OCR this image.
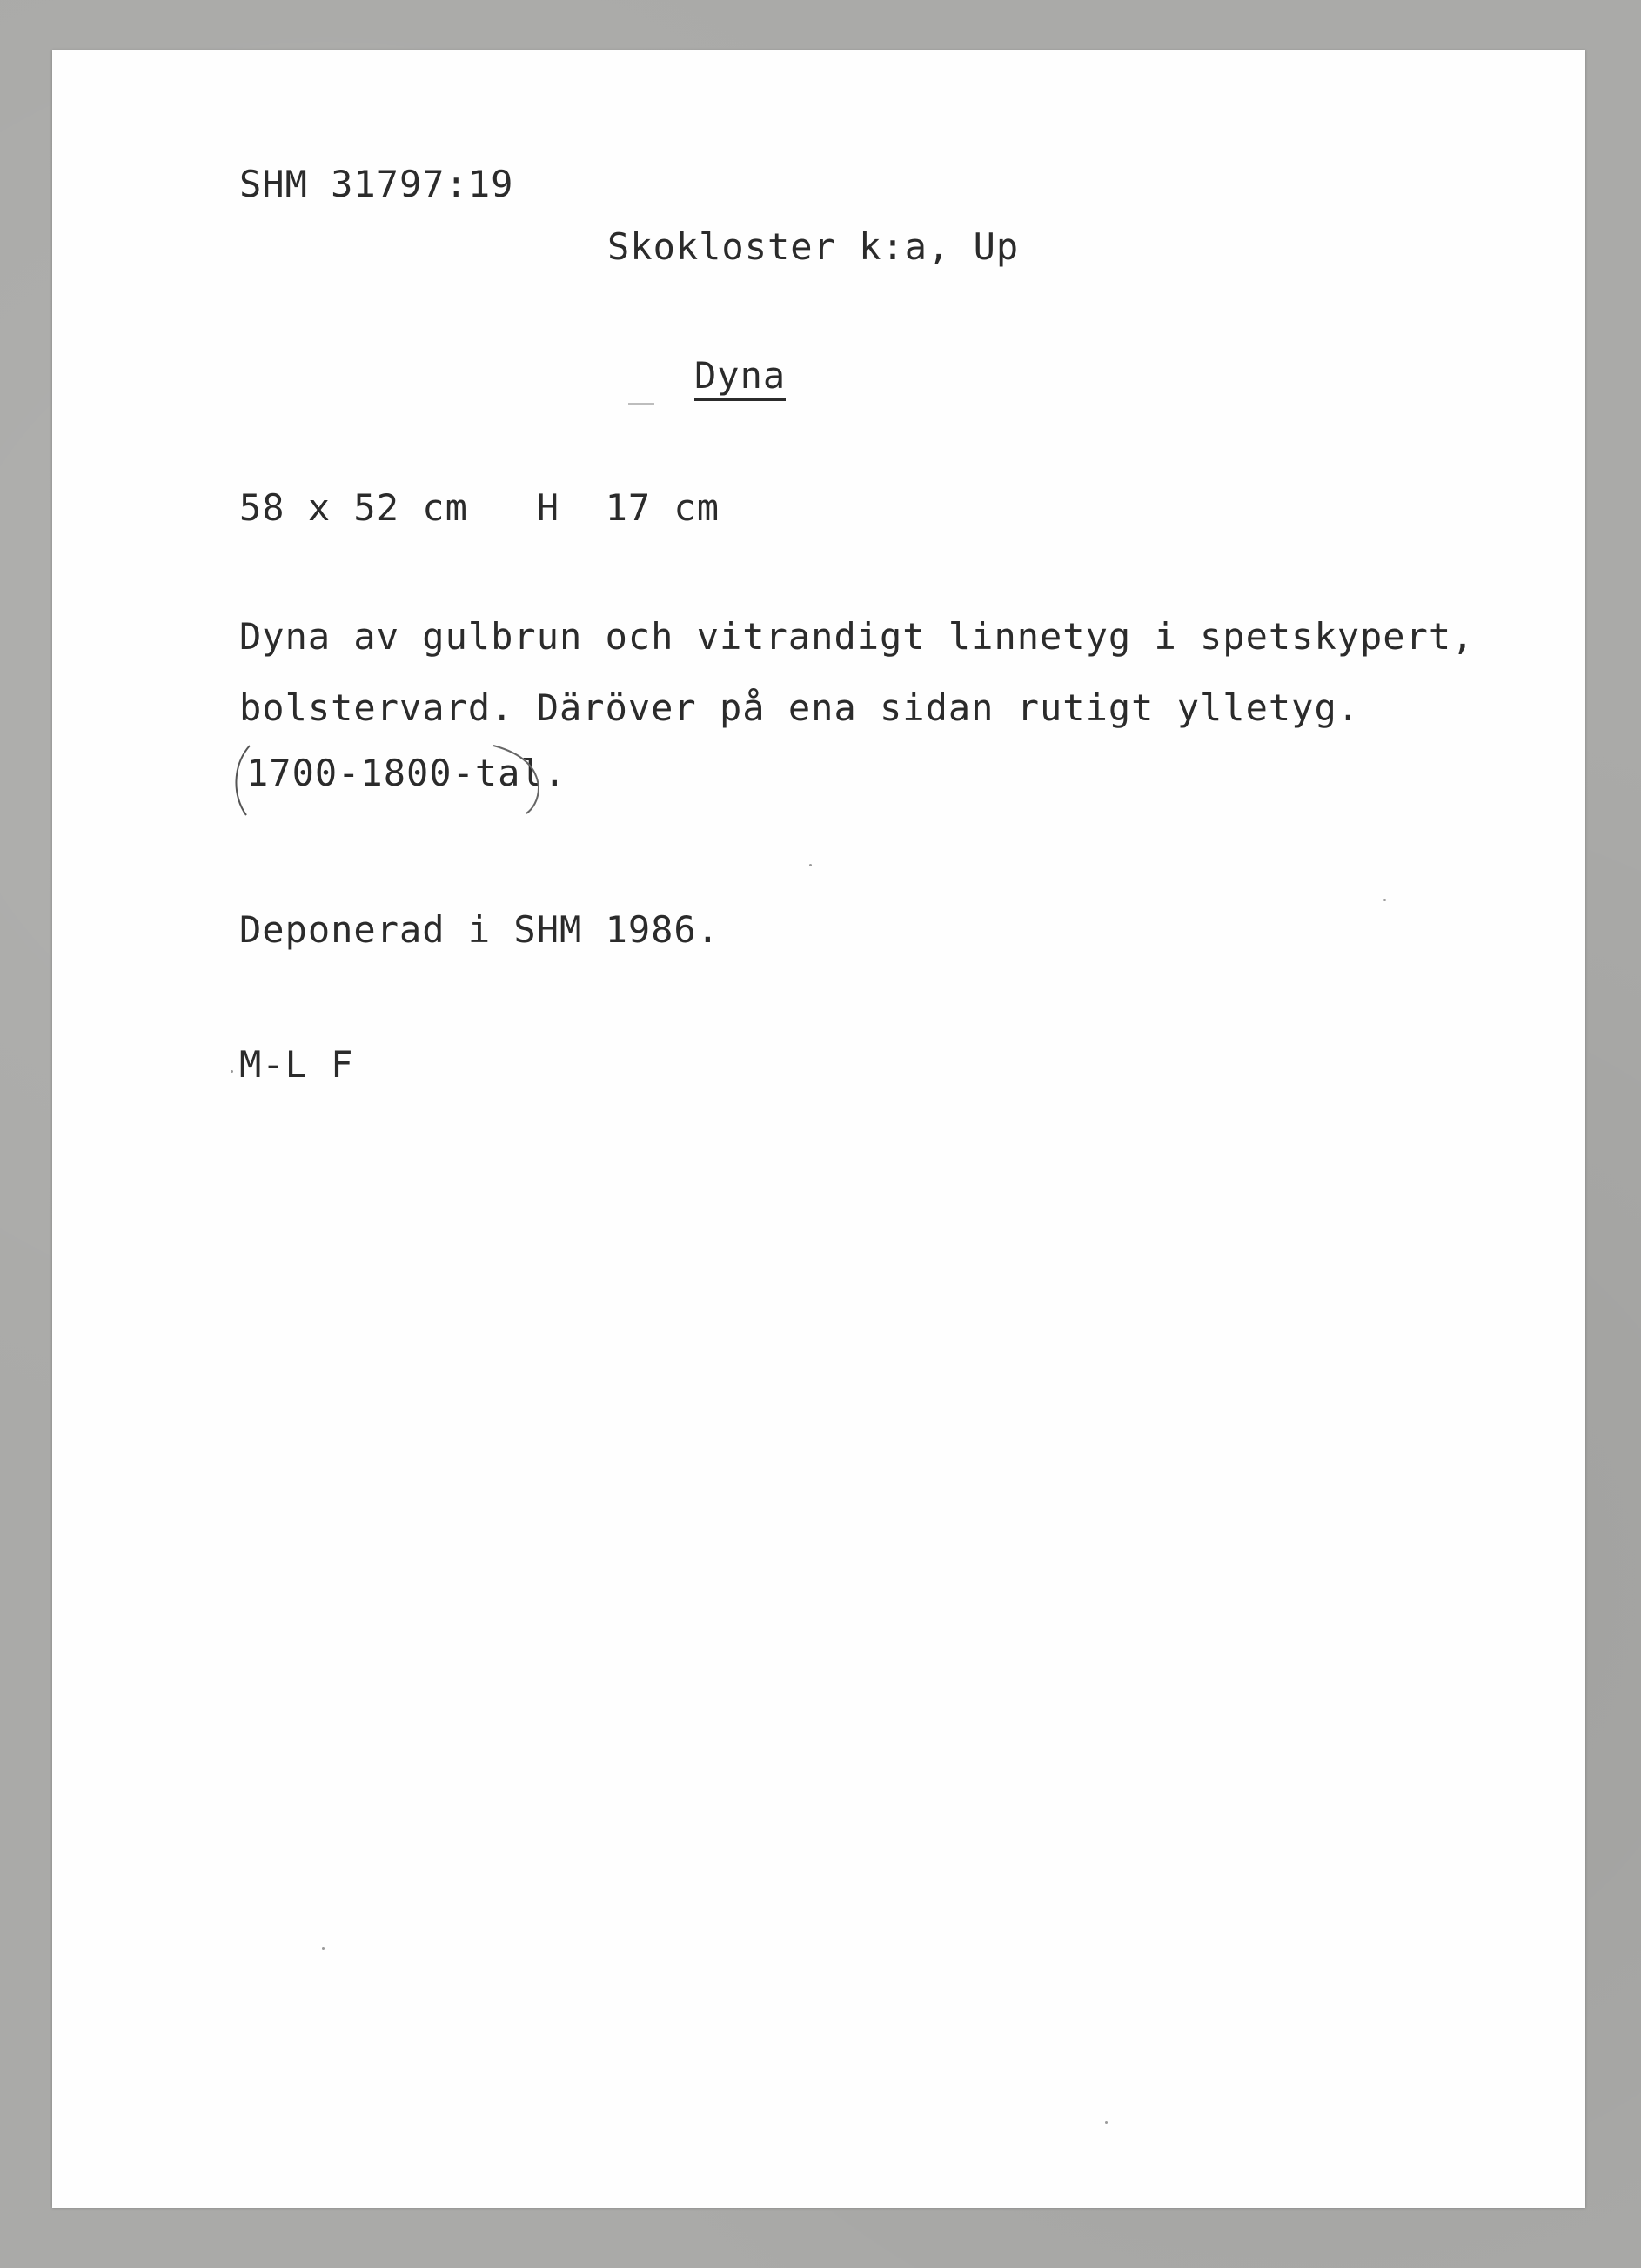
SHM 31797:19

Skokloster k:a, Up

Dyna

58 x 52 cm   H  17 cm

Dyna av gulbrun och vitrandigt linnetyg i spetskypert,

bolstervard. Däröver på ena sidan rutigt ylletyg.

1700-1800-tal.

Deponerad i SHM 1986.

M-L F
